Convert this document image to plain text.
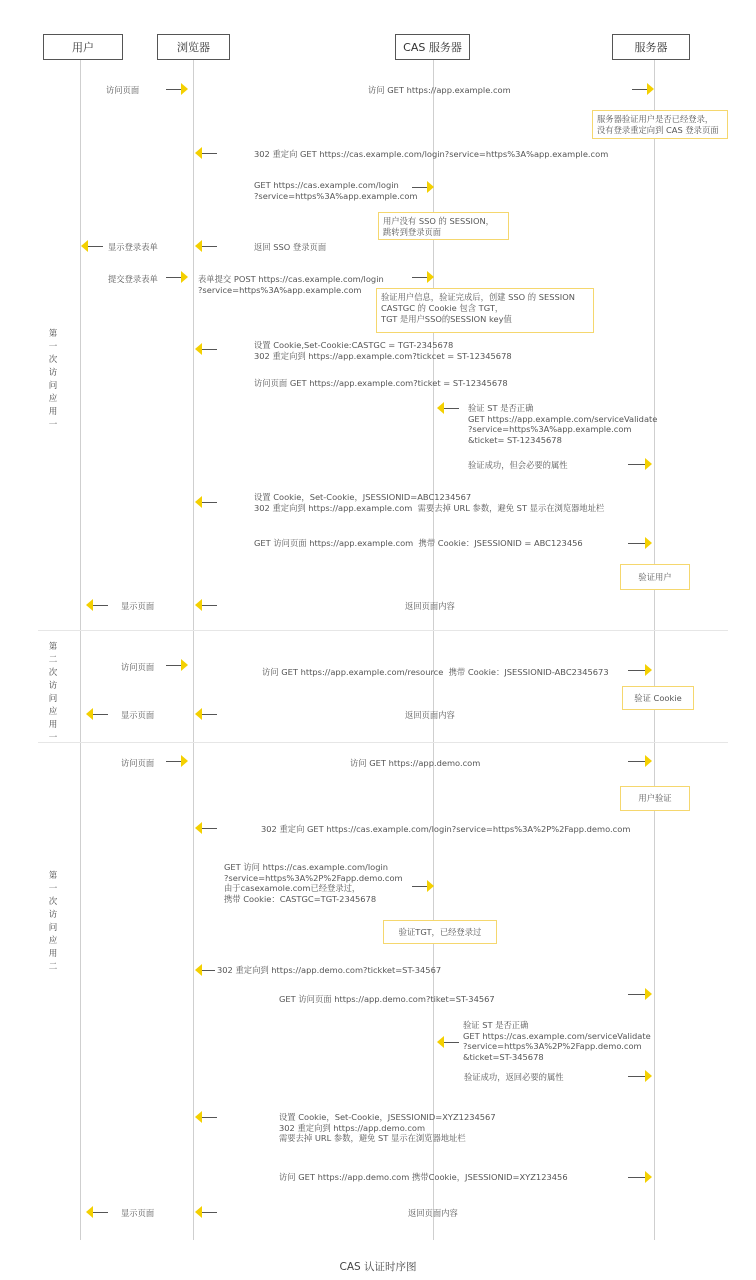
用户	浏览器	CAS 服务器	服务器
第
一
次
访
问
应
用
一
第
二
次
访
问
应
用
一
第
一
次
访
问
应
用
二
访问页面	访问 GET https://app.example.com
服务器验证用户是否已经登录，
没有登录重定向到 CAS 登录页面
302 重定向 GET https://cas.example.com/login?service=https%3A%app.example.com
GET https://cas.example.com/login
?service=https%3A%app.example.com
用户没有 SSO 的 SESSION，
跳转到登录页面
显示登录表单	返回 SSO 登录页面
提交登录表单	表单提交 POST https://cas.example.com/login
?service=https%3A%app.example.com
验证用户信息，验证完成后，创建 SSO 的 SESSION
CASTGC 的 Cookie 包含 TGT，
TGT 是用户SSO的SESSION key值
设置 Cookie,Set-Cookie:CASTGC = TGT-2345678
302 重定向到 https://app.example.com?tickcet = ST-12345678
访问页面 GET https://app.example.com?ticket = ST-12345678
验证 ST 是否正确
GET https://app.example.com/serviceValidate
?service=https%3A%app.example.com
&ticket= ST-12345678
验证成功，但会必要的属性
设置 Cookie，Set-Cookie，JSESSIONID=ABC1234567
302 重定向到 https://app.example.com  需要去掉 URL 参数，避免 ST 显示在浏览器地址栏
GET 访问页面 https://app.example.com  携带 Cookie：JSESSIONID = ABC123456
验证用户
显示页面	返回页面内容
访问页面	访问 GET https://app.example.com/resource  携带 Cookie：JSESSIONID-ABC2345673
验证 Cookie
显示页面	返回页面内容
访问页面	访问 GET https://app.demo.com
用户验证
302 重定向 GET https://cas.example.com/login?service=https%3A%2P%2Fapp.demo.com
GET 访问 https://cas.example.com/login
?service=https%3A%2P%2Fapp.demo.com
由于casexamole.com已经登录过，
携带 Cookie：CASTGC=TGT-2345678
验证TGT，已经登录过
302 重定向到 https://app.demo.com?tickket=ST-34567
GET 访问页面 https://app.demo.com?tiket=ST-34567
验证 ST 是否正确
GET https://cas.example.com/serviceValidate
?service=https%3A%2P%2Fapp.demo.com
&ticket=ST-345678
验证成功，返回必要的属性
设置 Cookie，Set-Cookie，JSESSIONID=XYZ1234567
302 重定向到 https://app.demo.com
需要去掉 URL 参数，避免 ST 显示在浏览器地址栏
访问 GET https://app.demo.com 携带Cookie，JSESSIONID=XYZ123456
显示页面	返回页面内容
CAS 认证时序图
